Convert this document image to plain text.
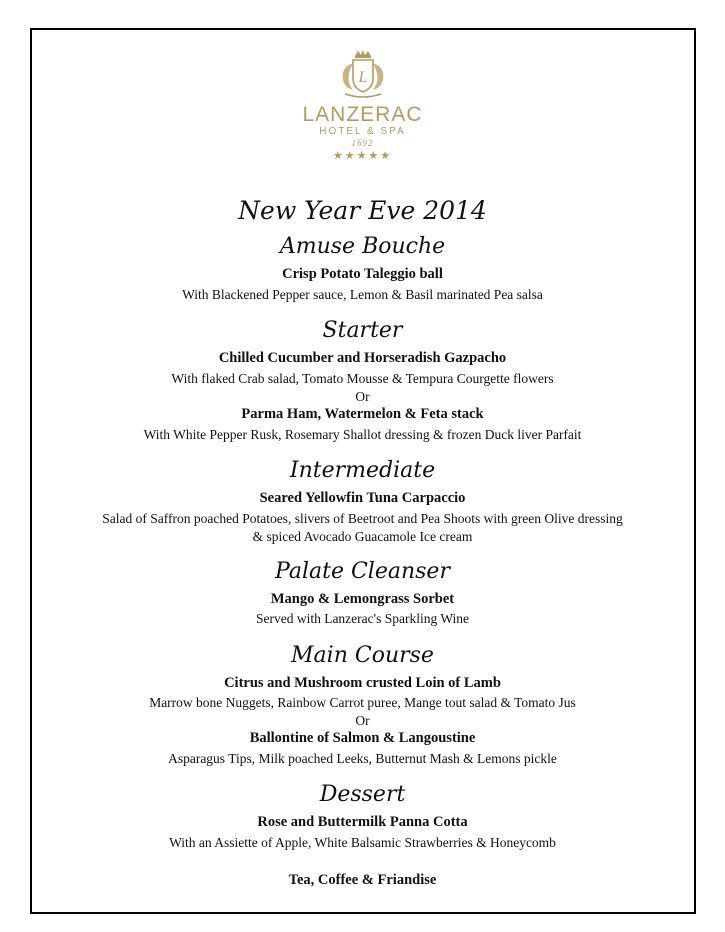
L
LANZERAC
HOTEL & SPA
1692
★★★★★
New Year Eve 2014
Amuse Bouche
Crisp Potato Taleggio ball
With Blackened Pepper sauce, Lemon & Basil marinated Pea salsa
Starter
Chilled Cucumber and Horseradish Gazpacho
With flaked Crab salad, Tomato Mousse & Tempura Courgette flowers
Or
Parma Ham, Watermelon & Feta stack
With White Pepper Rusk, Rosemary Shallot dressing & frozen Duck liver Parfait
Intermediate
Seared Yellowfin Tuna Carpaccio
Salad of Saffron poached Potatoes, slivers of Beetroot and Pea Shoots with green Olive dressing
& spiced Avocado Guacamole Ice cream
Palate Cleanser
Mango & Lemongrass Sorbet
Served with Lanzerac's Sparkling Wine
Main Course
Citrus and Mushroom crusted Loin of Lamb
Marrow bone Nuggets, Rainbow Carrot puree, Mange tout salad & Tomato Jus
Or
Ballontine of Salmon & Langoustine
Asparagus Tips, Milk poached Leeks, Butternut Mash & Lemons pickle
Dessert
Rose and Buttermilk Panna Cotta
With an Assiette of Apple, White Balsamic Strawberries & Honeycomb
Tea, Coffee & Friandise
